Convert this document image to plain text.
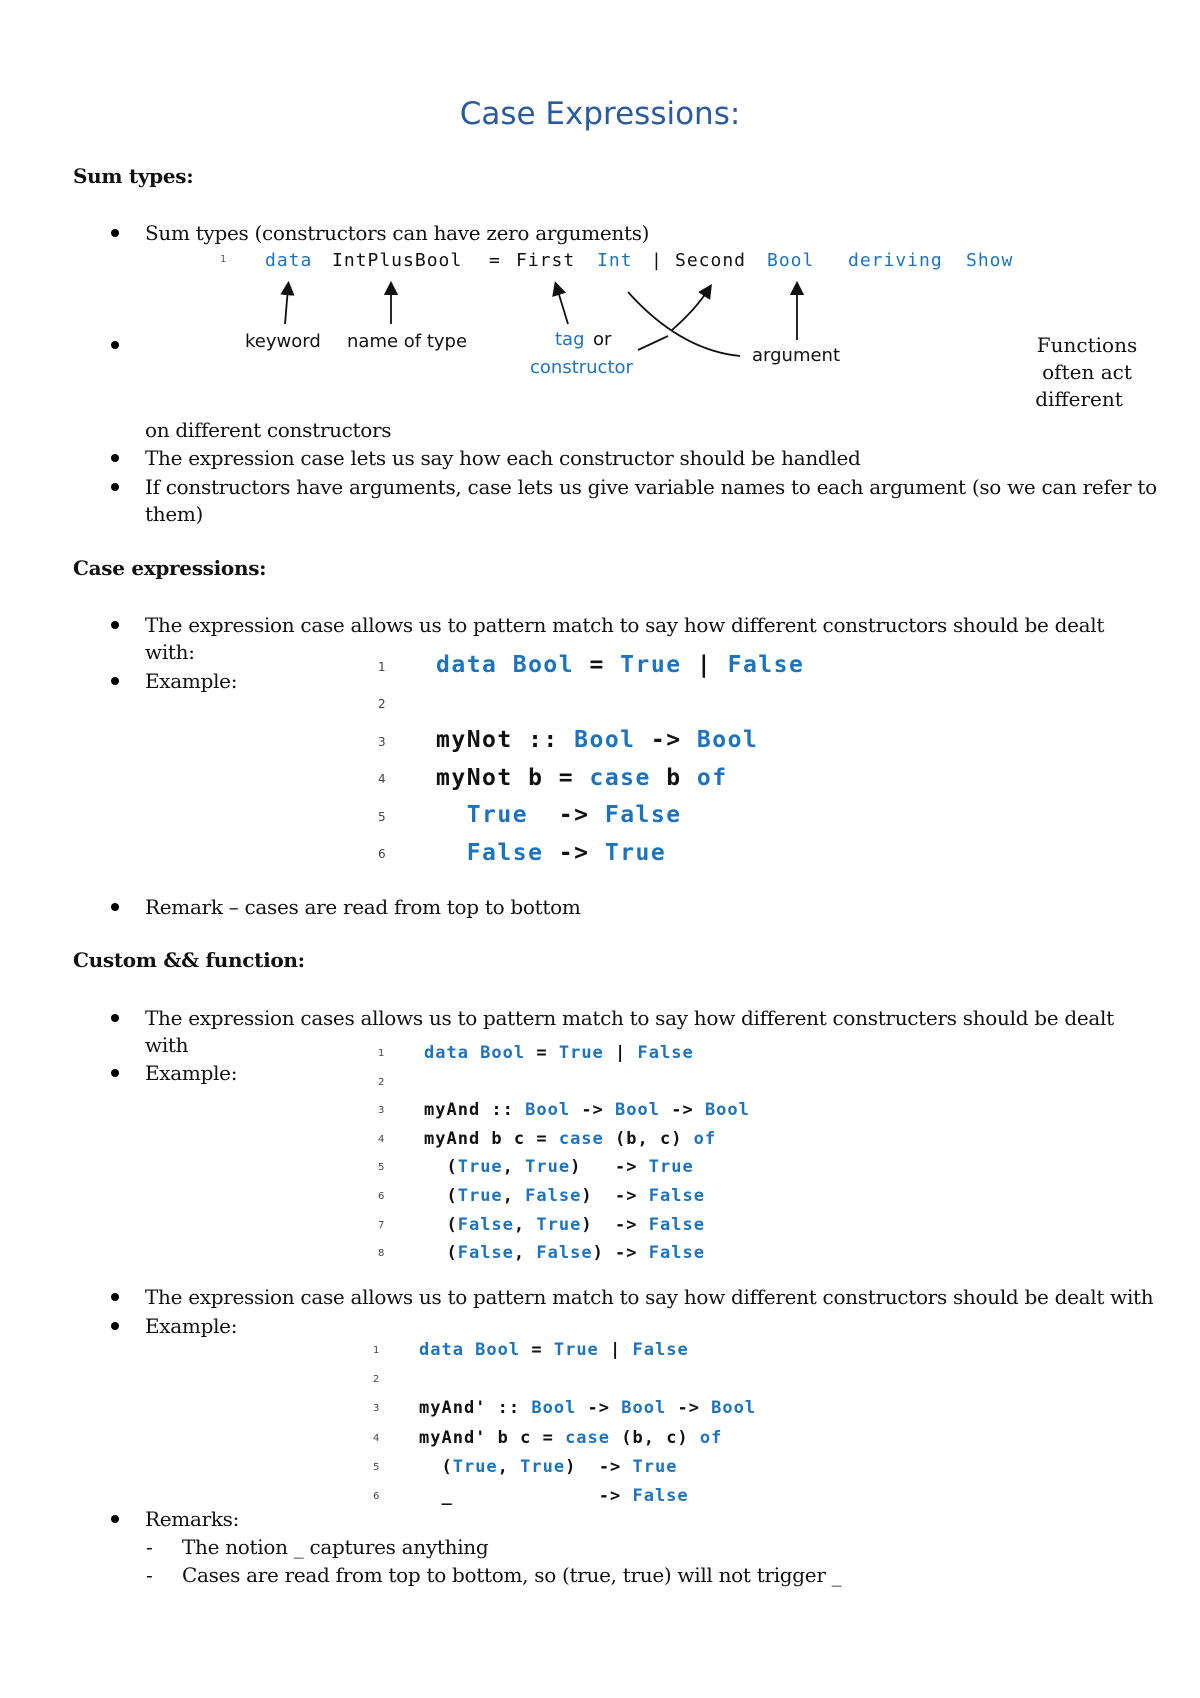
Case Expressions:
Sum types:
Sum types (constructors can have zero arguments)
1 data IntPlusBool = First Int | Second Bool deriving Show
keyword name of type	tag or
constructor
argument	Functions
often act
different
on different constructors
The expression case lets us say how each constructor should be handled
If constructors have arguments, case lets us give variable names to each argument (so we can refer to
them)
Case expressions:
The expression case allows us to pattern match to say how different constructors should be dealt
with:
Example:
1 data Bool = True | False
2
3 myNot :: Bool -> Bool
4 myNot b = case b of
5	True  -> False
6	False -> True
Remark – cases are read from top to bottom
Custom && function:
The expression cases allows us to pattern match to say how different constructers should be dealt
with
Example:
1 data Bool = True | False
2
3 myAnd :: Bool -> Bool -> Bool
4 myAnd b c = case (b, c) of
5 (True, True)   -> True
6 (True, False)  -> False
7 (False, True)  -> False
8 (False, False) -> False
The expression case allows us to pattern match to say how different constructors should be dealt with
Example:
1 data Bool = True | False
2
3 myAnd' :: Bool -> Bool -> Bool
4 myAnd' b c = case (b, c) of
5 (True, True)  -> True
6 _             -> False
Remarks:
- The notion _ captures anything
- Cases are read from top to bottom, so (true, true) will not trigger _
